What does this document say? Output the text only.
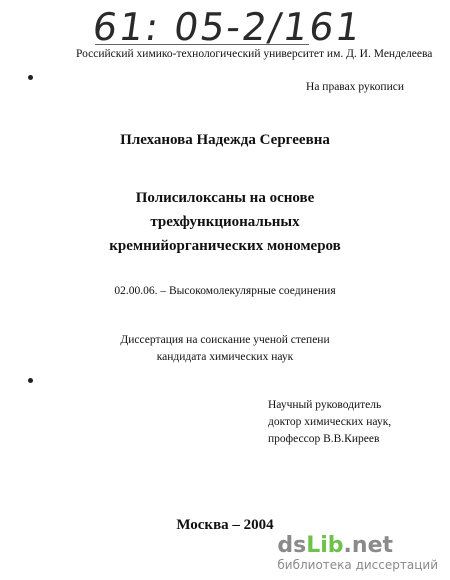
61: 05-2/161
Российский химико-технологический университет им. Д. И. Менделеева
На правах рукописи
Плеханова Надежда Сергеевна
Полисилоксаны на основе
трехфункциональных
кремнийорганических мономеров
02.00.06. – Высокомолекулярные соединения
Диссертация на соискание ученой степени
кандидата химических наук
Научный руководитель
доктор химических наук,
профессор В.В.Киреев
Москва – 2004
dsLib.net
библиотека диссертаций
